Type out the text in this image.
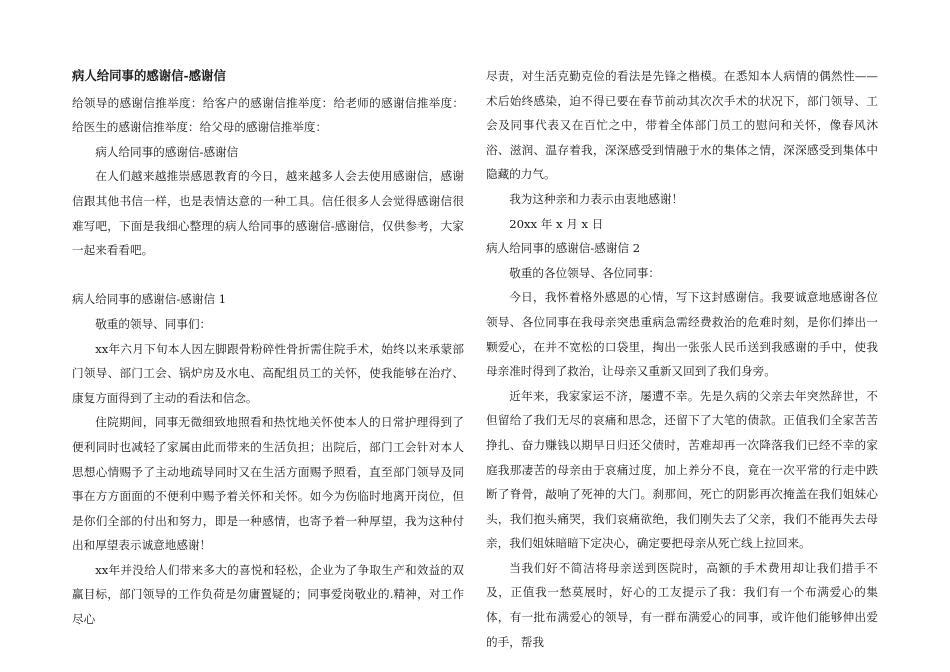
病人给同事的感谢信-感谢信

给领导的感谢信推举度：给客户的感谢信推举度：给老师的感谢信推举度：给医生的感谢信推举度：给父母的感谢信推举度：

病人给同事的感谢信-感谢信

在人们越来越推崇感恩教育的今日，越来越多人会去使用感谢信，感谢信跟其他书信一样，也是表情达意的一种工具。信任很多人会觉得感谢信很难写吧，下面是我细心整理的病人给同事的感谢信-感谢信，仅供参考，大家一起来看看吧。

病人给同事的感谢信-感谢信 1

敬重的领导、同事们：

xx年六月下旬本人因左脚跟骨粉碎性骨折需住院手术，始终以来承蒙部门领导、部门工会、锅炉房及水电、高配组员工的关怀，使我能够在治疗、康复方面得到了主动的看法和信念。

住院期间，同事无微细致地照看和热忱地关怀使本人的日常护理得到了便利同时也减轻了家属由此而带来的生活负担；出院后，部门工会针对本人思想心情赐予了主动地疏导同时又在生活方面赐予照看，直至部门领导及同事在方方面面的不便利中赐予着关怀和关怀。如今为伤临时地离开岗位，但是你们全部的付出和努力，即是一种感情，也寄予着一种厚望，我为这种付出和厚望表示诚意地感谢！

xx年并没给人们带来多大的喜悦和轻松，企业为了争取生产和效益的双赢目标，部门领导的工作负荷是勿庸置疑的；同事爱岗敬业的.精神，对工作尽心

尽责，对生活克勤克俭的看法是先锋之楷模。在悉知本人病情的偶然性——术后始终感染，迫不得已要在春节前动其次次手术的状况下，部门领导、工会及同事代表又在百忙之中，带着全体部门员工的慰问和关怀，像春风沐浴、滋润、温存着我，深深感受到情融于水的集体之情，深深感受到集体中隐藏的力气。

我为这种亲和力表示由衷地感谢！

20xx 年 x 月 x 日

病人给同事的感谢信-感谢信 2

敬重的各位领导、各位同事：

今日，我怀着格外感恩的心情，写下这封感谢信。我要诚意地感谢各位领导、各位同事在我母亲突患重病急需经费救治的危难时刻，是你们捧出一颗爱心，在并不宽松的口袋里，掏出一张张人民币送到我感谢的手中，使我母亲准时得到了救治，让母亲又重新又回到了我们身旁。

近年来，我家家运不济，屡遭不幸。先是久病的父亲去年突然辞世，不但留给了我们无尽的哀痛和思念，还留下了大笔的债款。正值我们全家苦苦挣扎、奋力赚钱以期早日归还父债时，苦难却再一次降落我们已经不幸的家庭我那凄苦的母亲由于哀痛过度，加上养分不良，竟在一次平常的行走中跌断了脊骨，敲响了死神的大门。刹那间，死亡的阴影再次掩盖在我们姐妹心头，我们抱头痛哭，我们哀痛欲绝，我们刚失去了父亲，我们不能再失去母亲，我们姐妹暗暗下定决心，确定要把母亲从死亡线上拉回来。

当我们好不简洁将母亲送到医院时，高额的手术费用却让我们措手不及，正值我一愁莫展时，好心的工友提示了我：我们有一个布满爱心的集体，有一批布满爱心的领导，有一群布满爱心的同事，或许他们能够伸出爱的手，帮我
